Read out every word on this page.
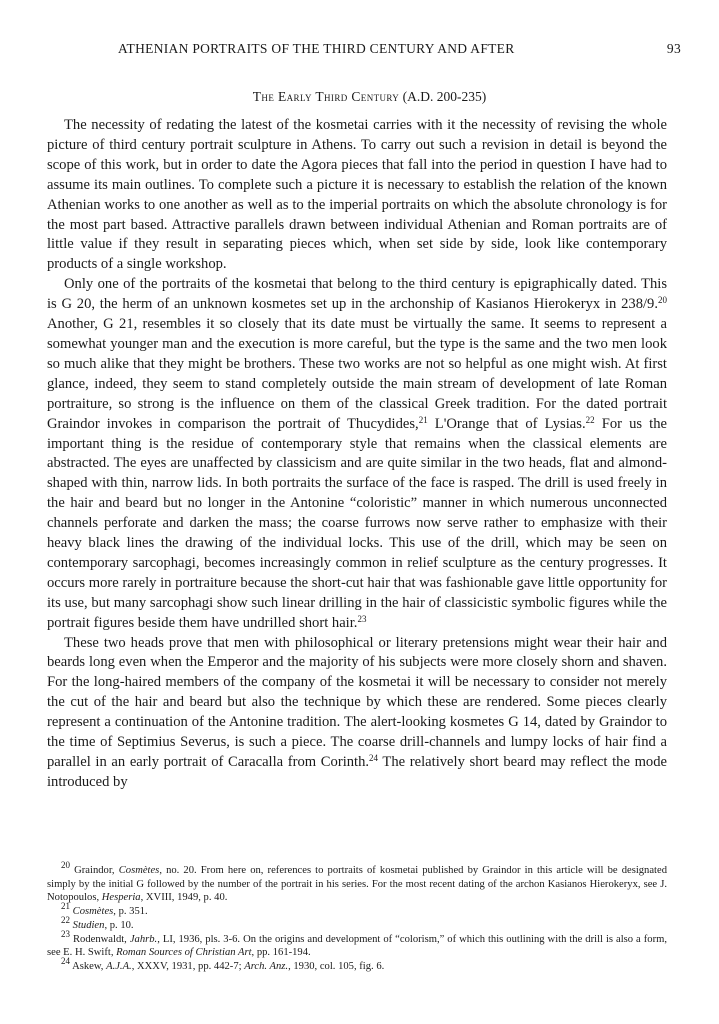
ATHENIAN PORTRAITS OF THE THIRD CENTURY AND AFTER	93
The Early Third Century (A.D. 200-235)

The necessity of redating the latest of the kosmetai carries with it the necessity of revising the whole picture of third century portrait sculpture in Athens. To carry out such a revision in detail is beyond the scope of this work, but in order to date the Agora pieces that fall into the period in question I have had to assume its main outlines. To complete such a picture it is necessary to establish the relation of the known Athenian works to one another as well as to the imperial portraits on which the absolute chronology is for the most part based. Attractive parallels drawn between individual Athenian and Roman portraits are of little value if they result in separating pieces which, when set side by side, look like contemporary products of a single workshop.

Only one of the portraits of the kosmetai that belong to the third century is epigraphically dated. This is G 20, the herm of an unknown kosmetes set up in the archonship of Kasianos Hierokeryx in 238/9.20 Another, G 21, resembles it so closely that its date must be virtually the same. It seems to represent a somewhat younger man and the execution is more careful, but the type is the same and the two men look so much alike that they might be brothers. These two works are not so helpful as one might wish. At first glance, indeed, they seem to stand completely outside the main stream of development of late Roman portraiture, so strong is the influence on them of the classical Greek tradition. For the dated portrait Graindor invokes in comparison the portrait of Thucydides,$^{21}$ L'Orange that of Lysias.$^{22}$ For us the important thing is the residue of contemporary style that remains when the classical elements are abstracted. The eyes are unaffected by classicism and are quite similar in the two heads, flat and almond-shaped with thin, narrow lids. In both portraits the surface of the face is rasped. The drill is used freely in the hair and beard but no longer in the Antonine “coloristic” manner in which numerous unconnected channels perforate and darken the mass; the coarse furrows now serve rather to emphasize with their heavy black lines the drawing of the individual locks. This use of the drill, which may be seen on contemporary sarcophagi, becomes increasingly common in relief sculpture as the century progresses. It occurs more rarely in portraiture because the short-cut hair that was fashionable gave little opportunity for its use, but many sarcophagi show such linear drilling in the hair of classicistic symbolic figures while the portrait figures beside them have undrilled short hair.$^{23}$

These two heads prove that men with philosophical or literary pretensions might wear their hair and beards long even when the Emperor and the majority of his subjects were more closely shorn and shaven. For the long-haired members of the company of the kosmetai it will be necessary to consider not merely the cut of the hair and beard but also the technique by which these are rendered. Some pieces clearly represent a continuation of the Antonine tradition. The alert-looking kosmetes G 14, dated by Graindor to the time of Septimius Severus, is such a piece. The coarse drill-channels and lumpy locks of hair find a parallel in an early portrait of Caracalla from Corinth.$^{24}$ The relatively short beard may reflect the mode introduced by

$^{20}$ Graindor, Cosmètes, no. 20. From here on, references to portraits of kosmetai published by Graindor in this article will be designated simply by the initial G followed by the number of the portrait in his series. For the most recent dating of the archon Kasianos Hierokeryx, see J. Notopoulos, Hesperia, XVIII, 1949, p. 40.

$^{21}$ Cosmètes, p. 351.

$^{22}$ Studien, p. 10.

$^{23}$ Rodenwaldt, Jahrb., LI, 1936, pls. 3-6. On the origins and development of “colorism,” of which this outlining with the drill is also a form, see E. H. Swift, Roman Sources of Christian Art, pp. 161-194.

$^{24}$ Askew, A.J.A., XXXV, 1931, pp. 442-7; Arch. Anz., 1930, col. 105, fig. 6.
